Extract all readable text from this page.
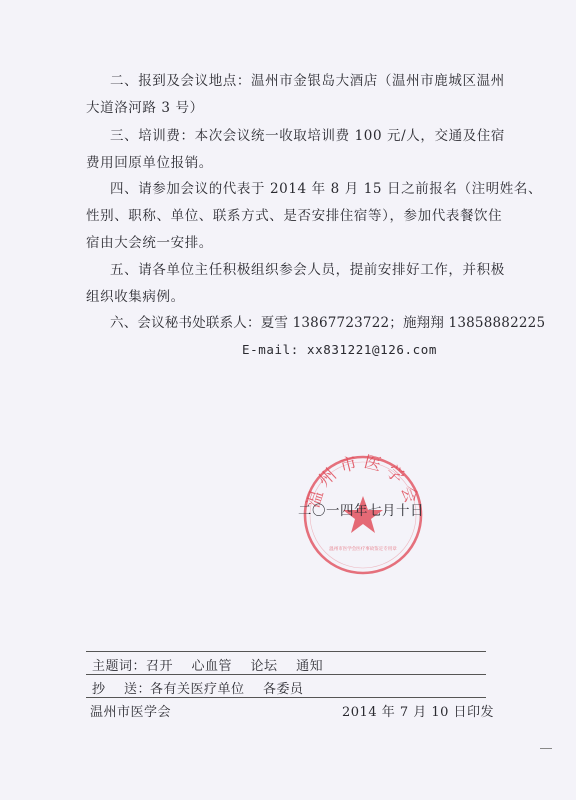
二、报到及会议地点：温州市金银岛大酒店（温州市鹿城区温州
大道洛河路 3 号）
三、培训费：本次会议统一收取培训费 100 元/人，交通及住宿
费用回原单位报销。
四、请参加会议的代表于 2014 年 8 月 15 日之前报名（注明姓名、
性别、职称、单位、联系方式、是否安排住宿等），参加代表餐饮住
宿由大会统一安排。
五、请各单位主任积极组织参会人员，提前安排好工作，并积极
组织收集病例。
六、会议秘书处联系人：夏雪 13867723722；施翔翔 13858882225
E-mail: xx831221@126.com
温州市医学会
温州市医学会医疗事故鉴定专用章
二〇一四年七月十日
主题词： 召开    心血管    论坛    通知
抄    送：
各有关医疗单位    各委员
温州市医学会	2014 年 7 月 10 日印发
